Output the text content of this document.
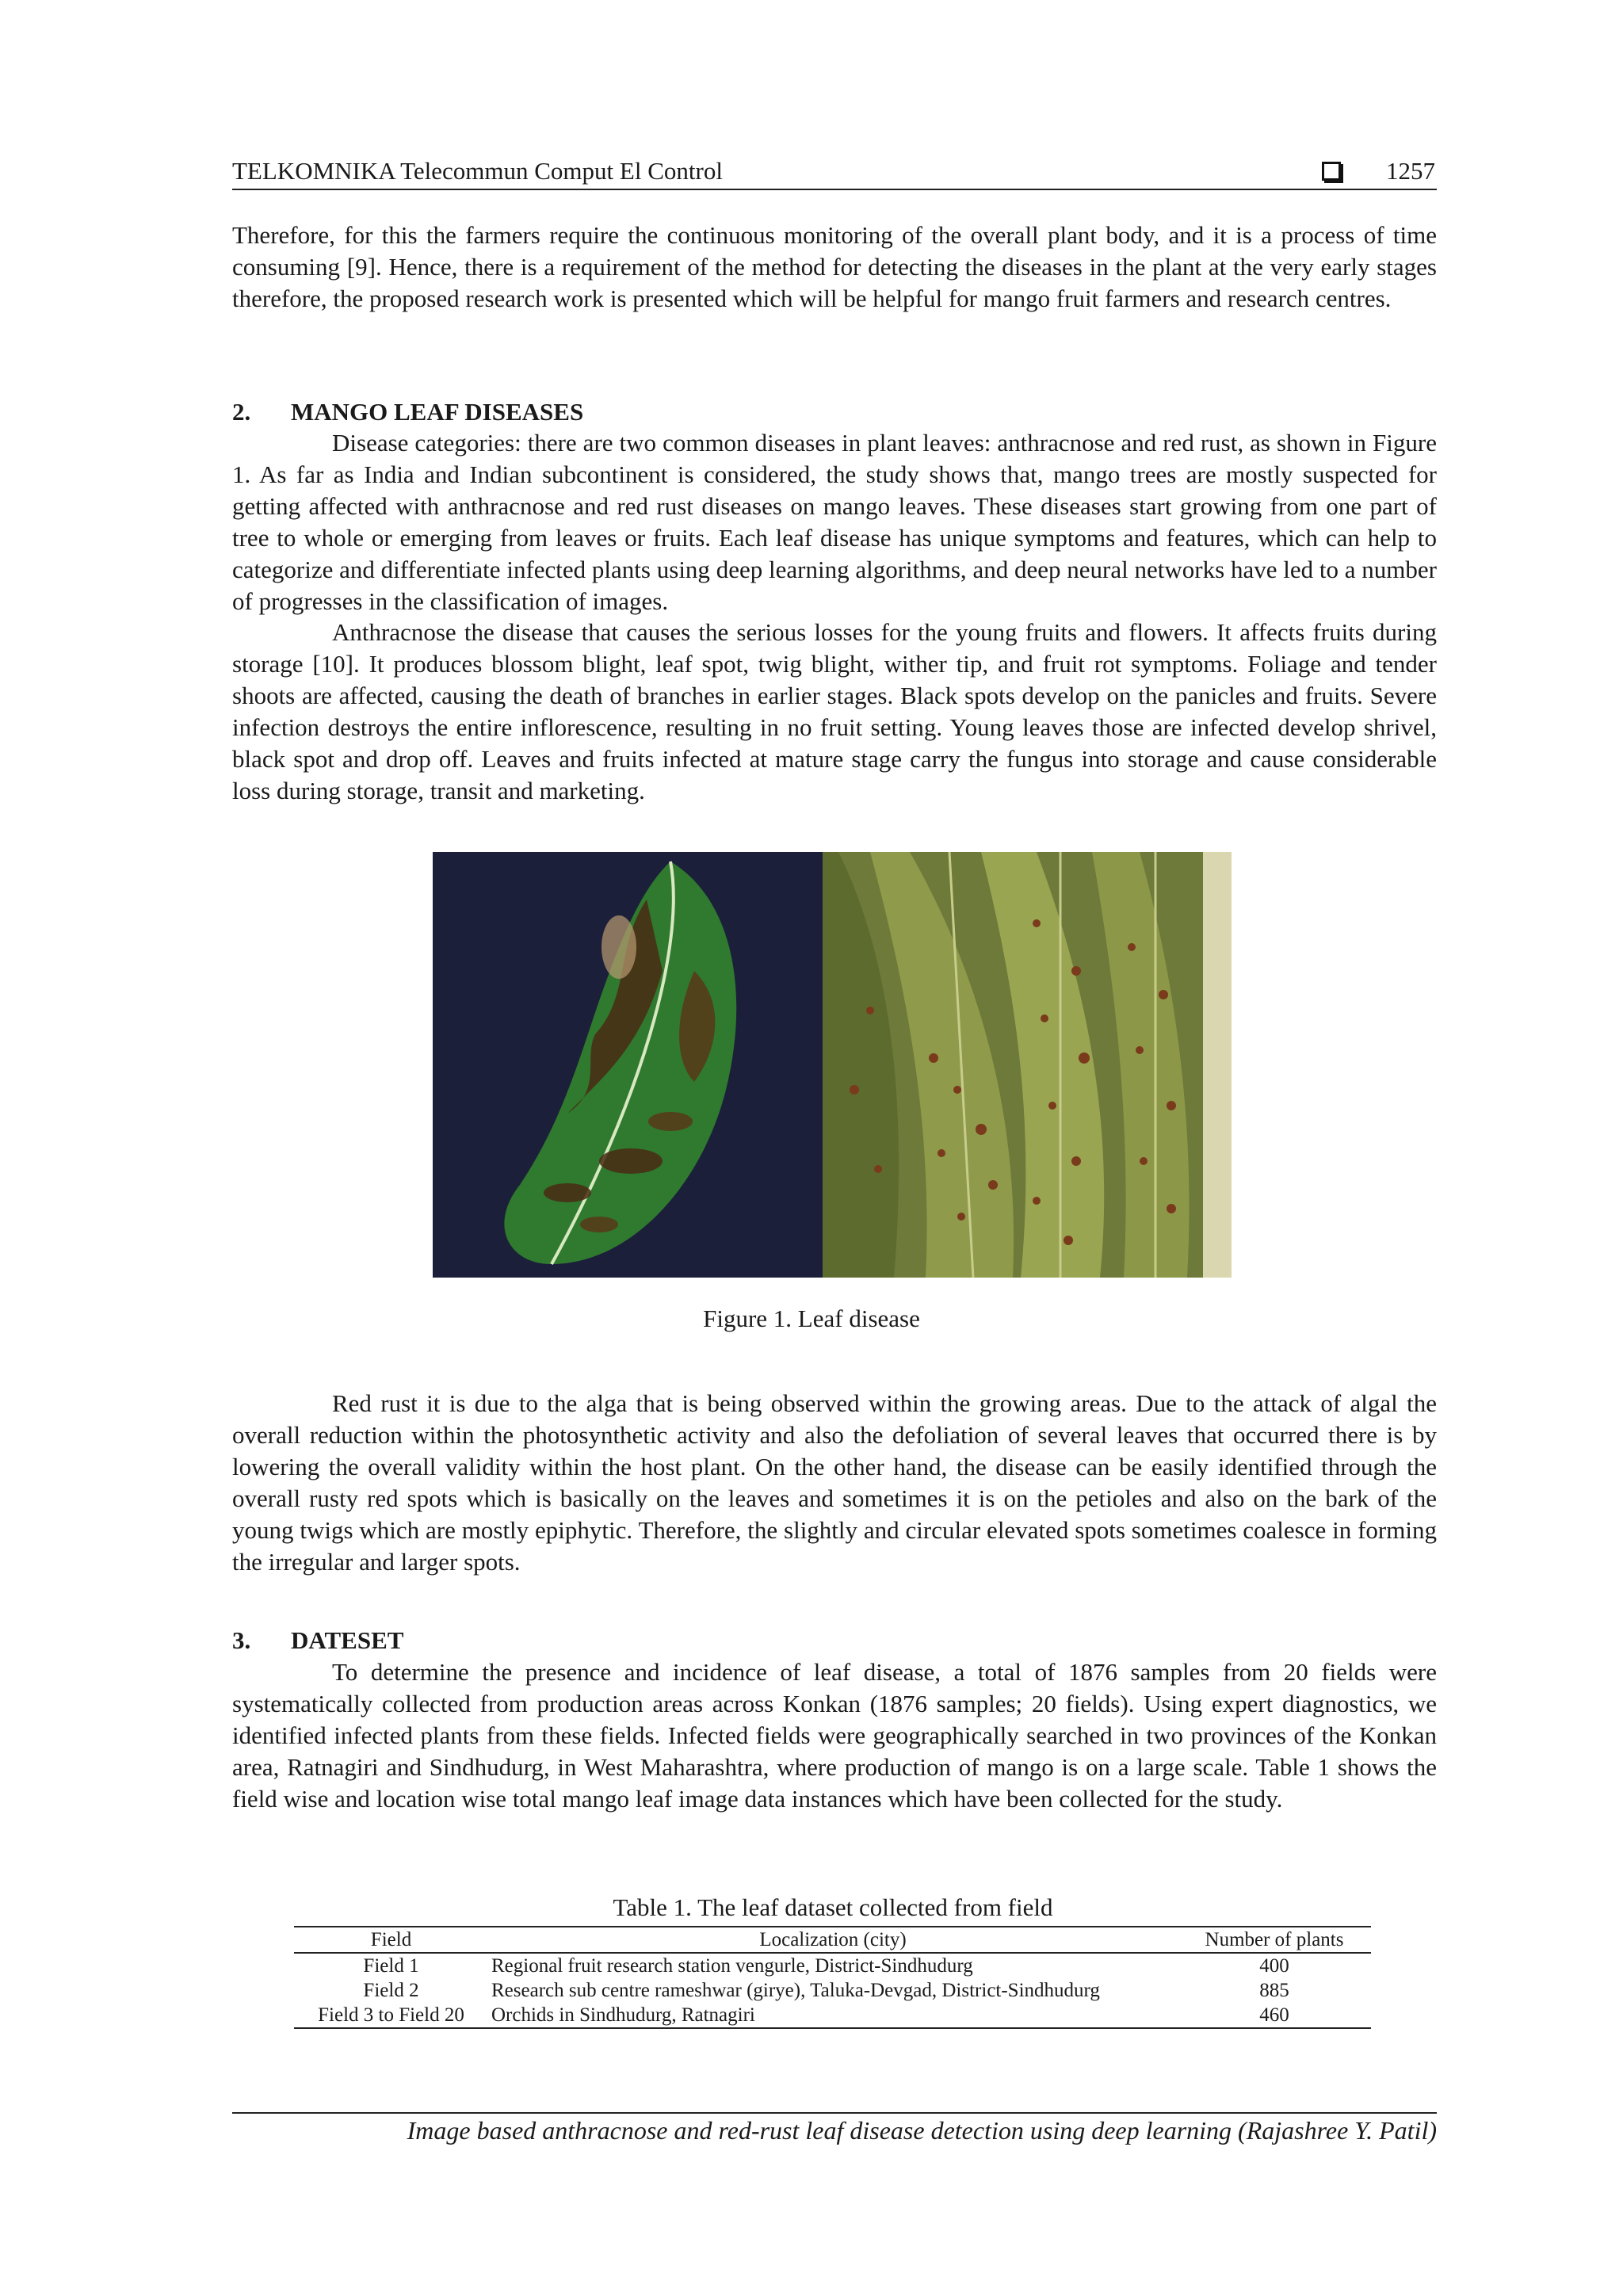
TELKOMNIKA Telecommun Comput El Control	1257

Therefore, for this the farmers require the continuous monitoring of the overall plant body, and it is a process of time consuming [9]. Hence, there is a requirement of the method for detecting the diseases in the plant at the very early stages therefore, the proposed research work is presented which will be helpful for mango fruit farmers and research centres.

2. MANGO LEAF DISEASES

Disease categories: there are two common diseases in plant leaves: anthracnose and red rust, as shown in Figure 1. As far as India and Indian subcontinent is considered, the study shows that, mango trees are mostly suspected for getting affected with anthracnose and red rust diseases on mango leaves. These diseases start growing from one part of tree to whole or emerging from leaves or fruits. Each leaf disease has unique symptoms and features, which can help to categorize and differentiate infected plants using deep learning algorithms, and deep neural networks have led to a number of progresses in the classification of images.

Anthracnose the disease that causes the serious losses for the young fruits and flowers. It affects fruits during storage [10]. It produces blossom blight, leaf spot, twig blight, wither tip, and fruit rot symptoms. Foliage and tender shoots are affected, causing the death of branches in earlier stages. Black spots develop on the panicles and fruits. Severe infection destroys the entire inflorescence, resulting in no fruit setting. Young leaves those are infected develop shrivel, black spot and drop off. Leaves and fruits infected at mature stage carry the fungus into storage and cause considerable loss during storage, transit and marketing.

Figure 1. Leaf disease

Red rust it is due to the alga that is being observed within the growing areas. Due to the attack of algal the overall reduction within the photosynthetic activity and also the defoliation of several leaves that occurred there is by lowering the overall validity within the host plant. On the other hand, the disease can be easily identified through the overall rusty red spots which is basically on the leaves and sometimes it is on the petioles and also on the bark of the young twigs which are mostly epiphytic. Therefore, the slightly and circular elevated spots sometimes coalesce in forming the irregular and larger spots.

3. DATESET

To determine the presence and incidence of leaf disease, a total of 1876 samples from 20 fields were systematically collected from production areas across Konkan (1876 samples; 20 fields). Using expert diagnostics, we identified infected plants from these fields. Infected fields were geographically searched in two provinces of the Konkan area, Ratnagiri and Sindhudurg, in West Maharashtra, where production of mango is on a large scale. Table 1 shows the field wise and location wise total mango leaf image data instances which have been collected for the study.

Table 1. The leaf dataset collected from field
Field	Localization (city)	Number of plants
Field 1	Regional fruit research station vengurle, District-Sindhudurg	400
Field 2	Research sub centre rameshwar (girye), Taluka-Devgad, District-Sindhudurg	885
Field 3 to Field 20	Orchids in Sindhudurg, Ratnagiri	460
Image based anthracnose and red-rust leaf disease detection using deep learning (Rajashree Y. Patil)
